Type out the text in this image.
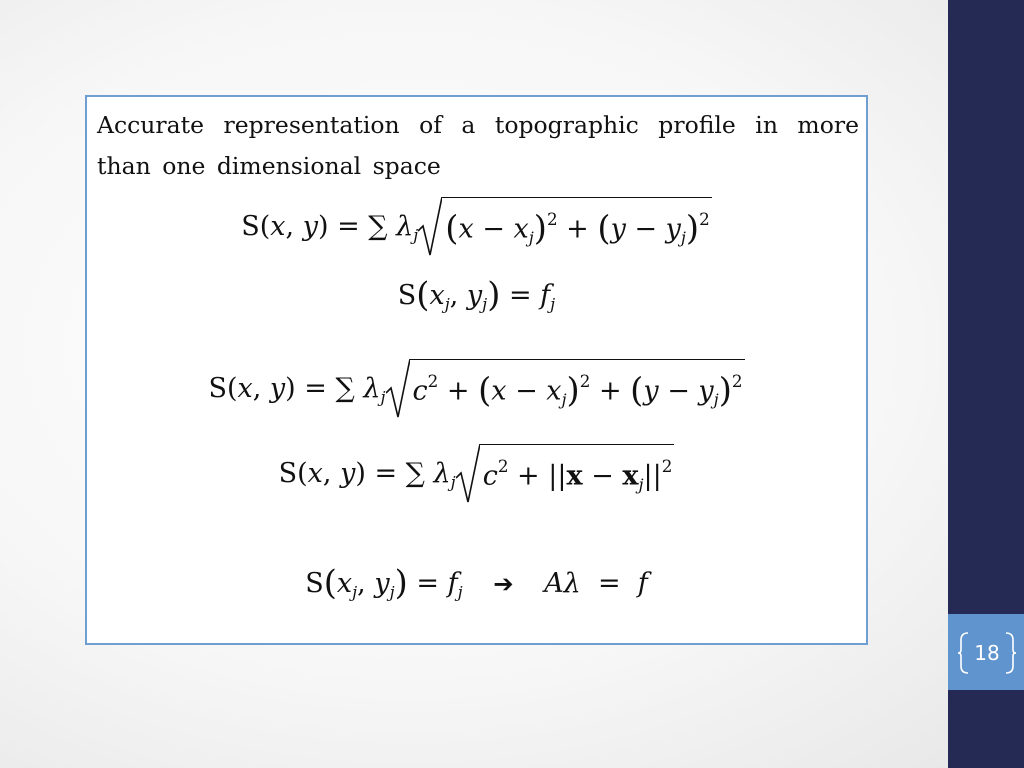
18

Accurate representation of a topographic profile in more than one dimensional space

S(x, y) = ∑ $\lambda_j$ $(x - x_j)^2 + (y - y_j)^2$
$S(x_j$, $y_j) = f_j$
S(x, y) = ∑ $\lambda_j$ $c^2 + (x - x_j)^2 + (y - y_j)^2$
S(x, y) = ∑ $\lambda_j$ $c^2 + ||x - x_j||^2$
$S(x_j$, $y_j) = f_j$ ➔ Aλ  =  f
